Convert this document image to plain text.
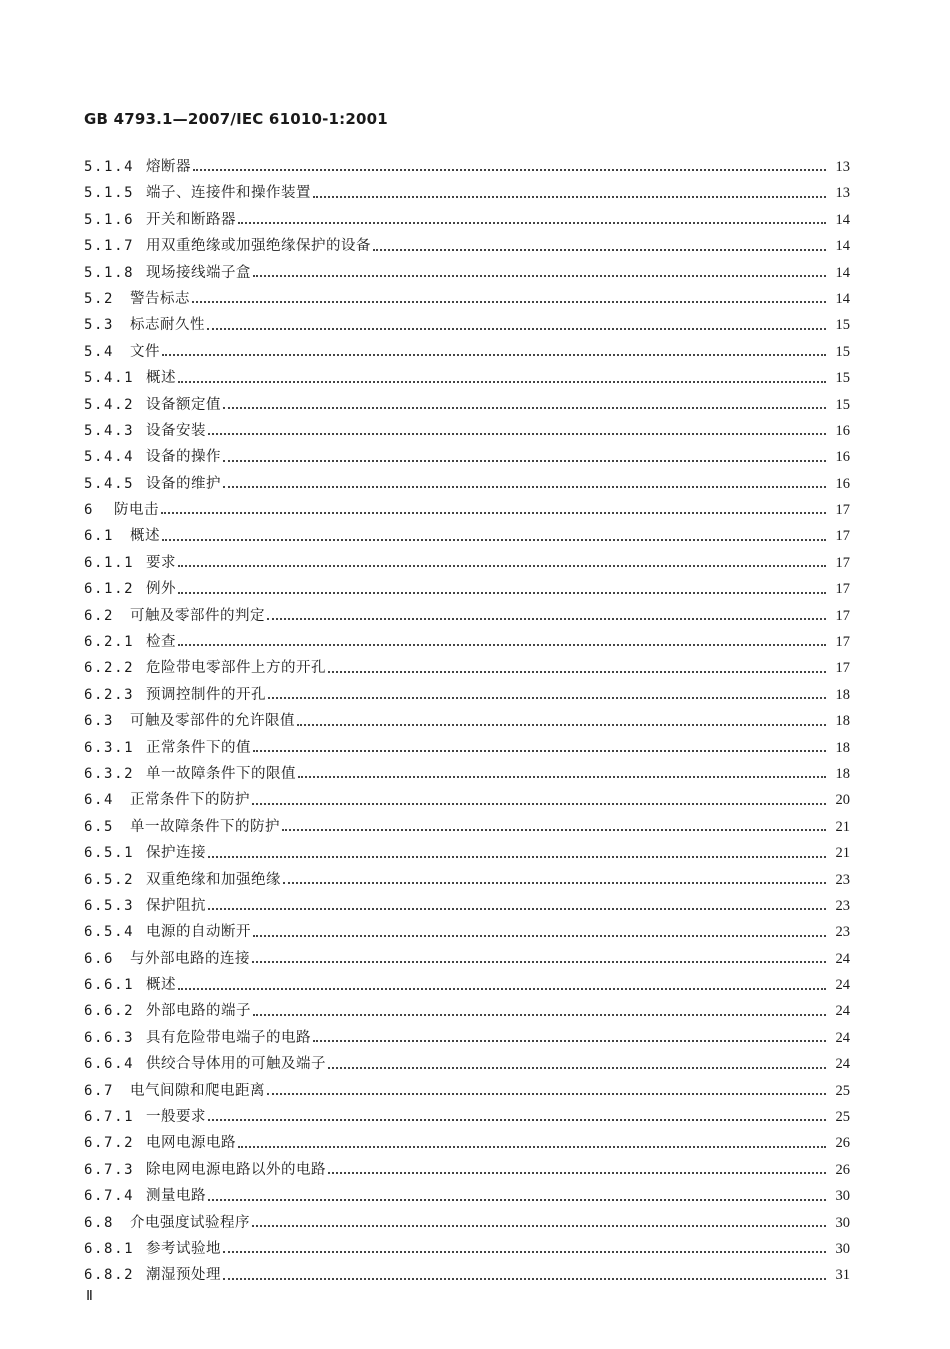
GB 4793.1—2007/IEC 61010-1:2001
5.1.4 熔断器	13
5.1.5 端子、连接件和操作装置	13
5.1.6 开关和断路器	14
5.1.7 用双重绝缘或加强绝缘保护的设备	14
5.1.8 现场接线端子盒	14
5.2	警告标志	14
5.3	标志耐久性	15
5.4	文件	15
5.4.1 概述	15
5.4.2 设备额定值	15
5.4.3 设备安装	16
5.4.4 设备的操作	16
5.4.5 设备的维护	16
6	防电击	17
6.1	概述	17
6.1.1 要求	17
6.1.2 例外	17
6.2	可触及零部件的判定	17
6.2.1 检查	17
6.2.2 危险带电零部件上方的开孔	17
6.2.3 预调控制件的开孔	18
6.3	可触及零部件的允许限值	18
6.3.1 正常条件下的值	18
6.3.2 单一故障条件下的限值	18
6.4	正常条件下的防护	20
6.5	单一故障条件下的防护	21
6.5.1 保护连接	21
6.5.2 双重绝缘和加强绝缘	23
6.5.3 保护阻抗	23
6.5.4 电源的自动断开	23
6.6	与外部电路的连接	24
6.6.1 概述	24
6.6.2 外部电路的端子	24
6.6.3 具有危险带电端子的电路	24
6.6.4 供绞合导体用的可触及端子	24
6.7	电气间隙和爬电距离	25
6.7.1 一般要求	25
6.7.2 电网电源电路	26
6.7.3 除电网电源电路以外的电路	26
6.7.4 测量电路	30
6.8	介电强度试验程序	30
6.8.1 参考试验地	30
6.8.2 潮湿预处理	31
Ⅱ
